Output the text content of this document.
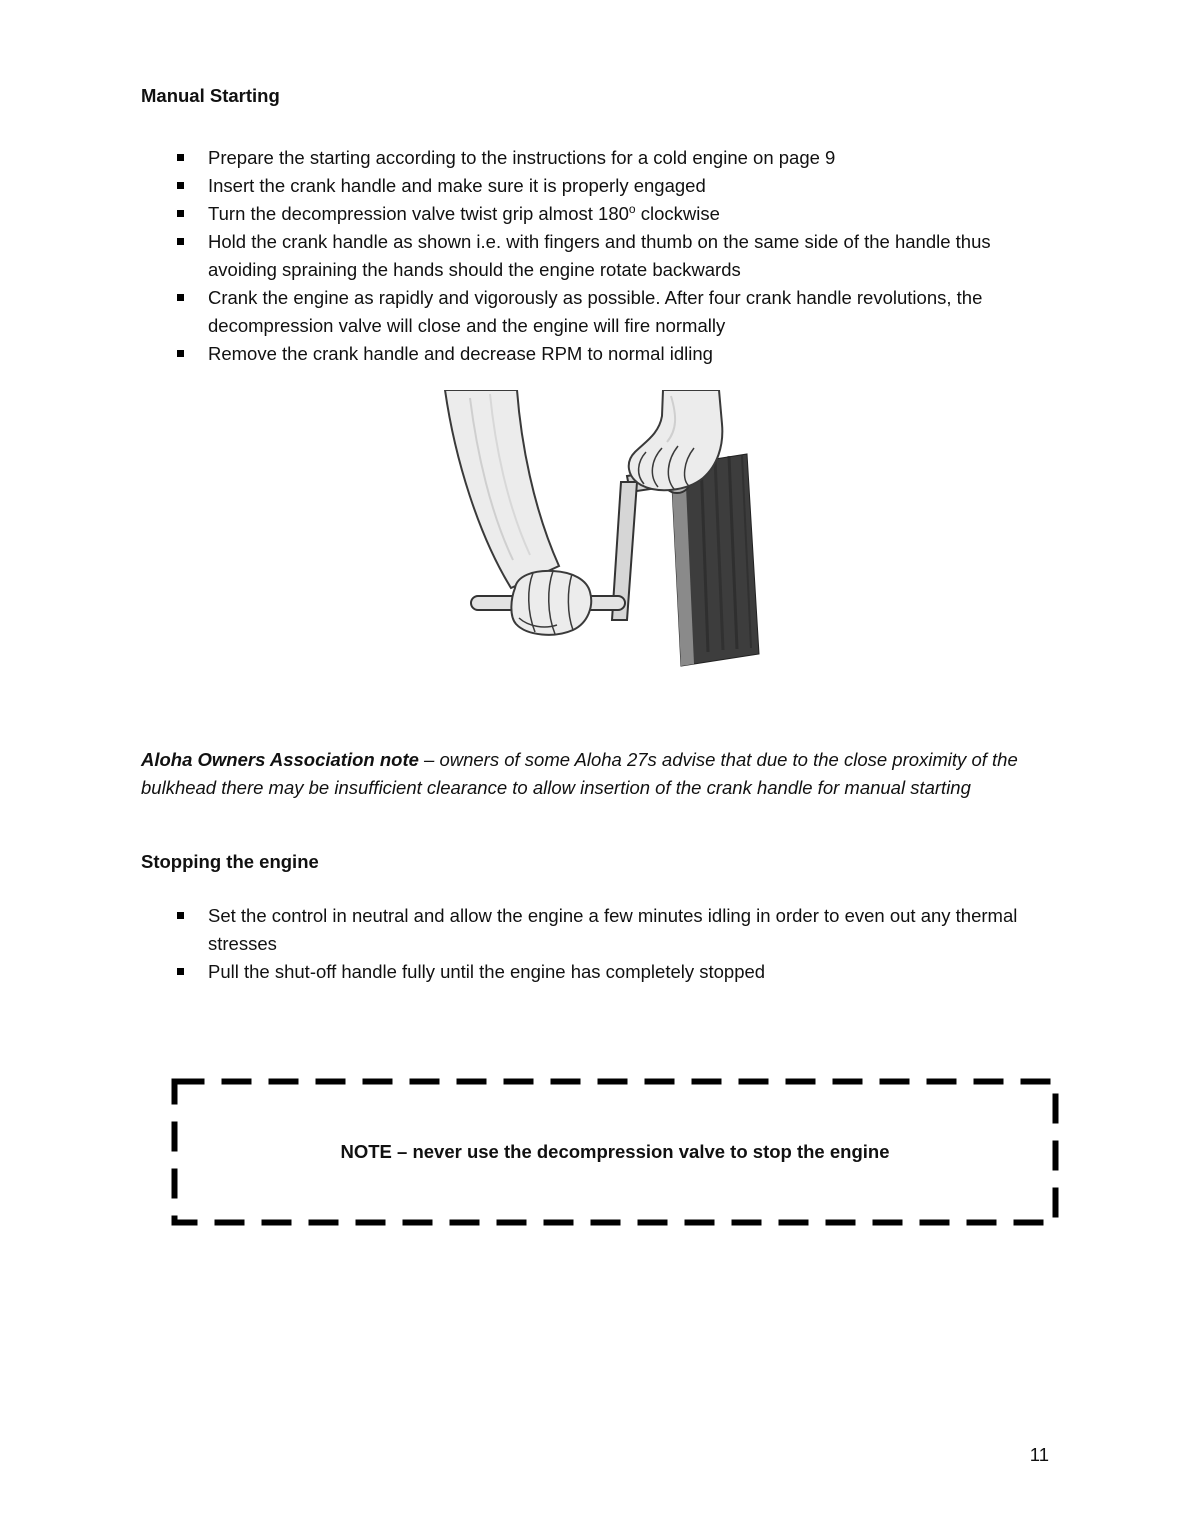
Manual Starting
Prepare the starting according to the instructions for a cold engine on page 9
Insert the crank handle and make sure it is properly engaged
Turn the decompression valve twist grip almost 180$^o$ clockwise
Hold the crank handle as shown i.e. with fingers and thumb on the same side of the handle thus avoiding spraining the hands should the engine rotate backwards
Crank the engine as rapidly and vigorously as possible. After four crank handle revolutions, the decompression valve will close and the engine will fire normally
Remove the crank handle and decrease RPM to normal idling
Aloha Owners Association note – owners of some Aloha 27s advise that due to the close proximity of the bulkhead there may be insufficient clearance to allow insertion of the crank handle for manual starting
Stopping the engine
Set the control in neutral and allow the engine a few minutes idling in order to even out any thermal stresses
Pull the shut-off handle fully until the engine has completely stopped
NOTE – never use the decompression valve to stop the engine
11
